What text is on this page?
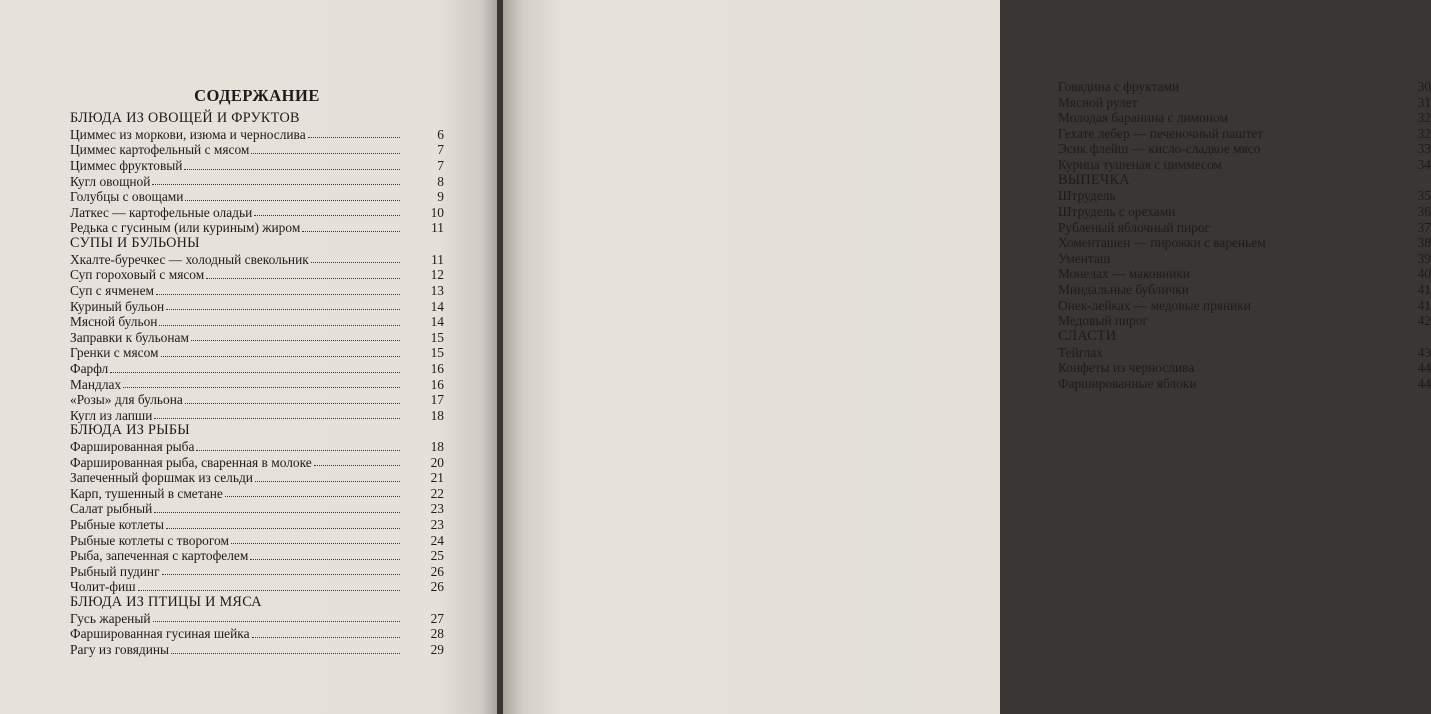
СОДЕРЖАНИЕ
БЛЮДА ИЗ ОВОЩЕЙ И ФРУКТОВ
Циммес из моркови, изюма и чернослива	6
Циммес картофельный с мясом	7
Циммес фруктовый	7
Кугл овощной	8
Голубцы с овощами	9
Латкес — картофельные оладьи	10
Редька с гусиным (или куриным) жиром	11
СУПЫ И БУЛЬОНЫ
Хкалте-буречкес — холодный свекольник	11
Суп гороховый с мясом	12
Суп с ячменем	13
Куриный бульон	14
Мясной бульон	14
Заправки к бульонам	15
Гренки с мясом	15
Фарфл	16
Мандлах	16
«Розы» для бульона	17
Кугл из лапши	18
БЛЮДА ИЗ РЫБЫ
Фаршированная рыба	18
Фаршированная рыба, сваренная в молоке	20
Запеченный форшмак из сельди	21
Карп, тушенный в сметане	22
Салат рыбный	23
Рыбные котлеты	23
Рыбные котлеты с творогом	24
Рыба, запеченная с картофелем	25
Рыбный пудинг	26
Чолит-фиш	26
БЛЮДА ИЗ ПТИЦЫ И МЯСА
Гусь жареный	27
Фаршированная гусиная шейка	28
Рагу из говядины	29
Говядина с фруктами	30
Мясной рулет	31
Молодая баранина с лимоном	32
Гехате лебер — печеночный паштет	32
Эсик флейш — кисло-сладкое мясо	33
Курица тушеная с циммесом	34
ВЫПЕЧКА
Штрудель	35
Штрудель с орехами	36
Рубленый яблочный пирог	37
Хоменташен — пирожки с вареньем	38
Ументаш	39
Монелах — маковники	40
Миндальные бублички	41
Онек-лейках — медовые пряники	41
Медовый пирог	42
СЛАСТИ
Тейглах	43
Конфеты из чернослива	44
Фаршированные яблоки	44
